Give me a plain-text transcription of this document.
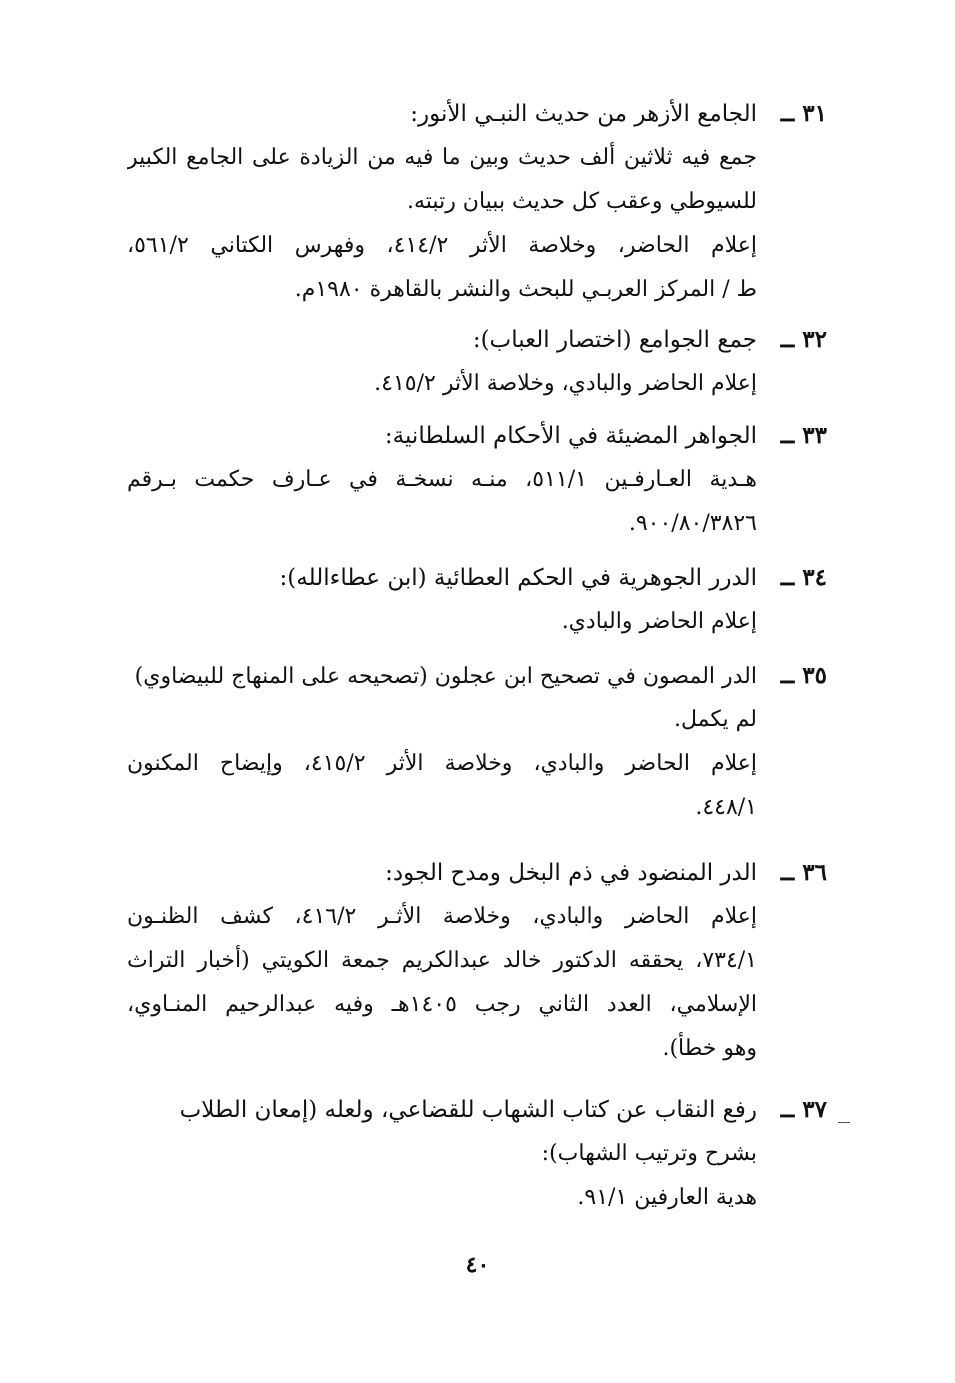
٣١ ــ
الجامع الأزهر من حديث النبـي الأنور:
جمع فيه ثلاثين ألف حديث وبين ما فيه من الزيادة على الجامع الكبير
للسيوطي وعقب كل حديث ببيان رتبته.
إعلام الحاضر، وخلاصة الأثر ٤١٤/٢، وفهرس الكتاني ٥٦١/٢،
ط / المركز العربـي للبحث والنشر بالقاهرة ١٩٨٠م.
٣٢ ــ
جمع الجوامع (اختصار العباب):
إعلام الحاضر والبادي، وخلاصة الأثر ٤١٥/٢.
٣٣ ــ
الجواهر المضيئة في الأحكام السلطانية:
هـدية العـارفـين ٥١١/١، منـه نسخـة في عـارف حكمت بـرقم
٩٠٠/٨٠/٣٨٢٦.
٣٤ ــ
الدرر الجوهرية في الحكم العطائية (ابن عطاءالله):
إعلام الحاضر والبادي.
٣٥ ــ
الدر المصون في تصحيح ابن عجلون (تصحيحه على المنهاج للبيضاوي)
لم يكمل.
إعلام الحاضر والبادي، وخلاصة الأثر ٤١٥/٢، وإيضاح المكنون
٤٤٨/١.
٣٦ ــ
الدر المنضود في ذم البخل ومدح الجود:
إعلام الحاضر والبادي، وخلاصة الأثـر ٤١٦/٢، كشف الظنـون
٧٣٤/١، يحققه الدكتور خالد عبدالكريم جمعة الكويتي (أخبار التراث
الإسلامي، العدد الثاني رجب ١٤٠٥هـ وفيه عبدالرحيم المنـاوي،
وهو خطأ).
٣٧ ــ
رفع النقاب عن كتاب الشهاب للقضاعي، ولعله (إمعان الطلاب
بشرح وترتيب الشهاب):
هدية العارفين ٩١/١.
٤٠
